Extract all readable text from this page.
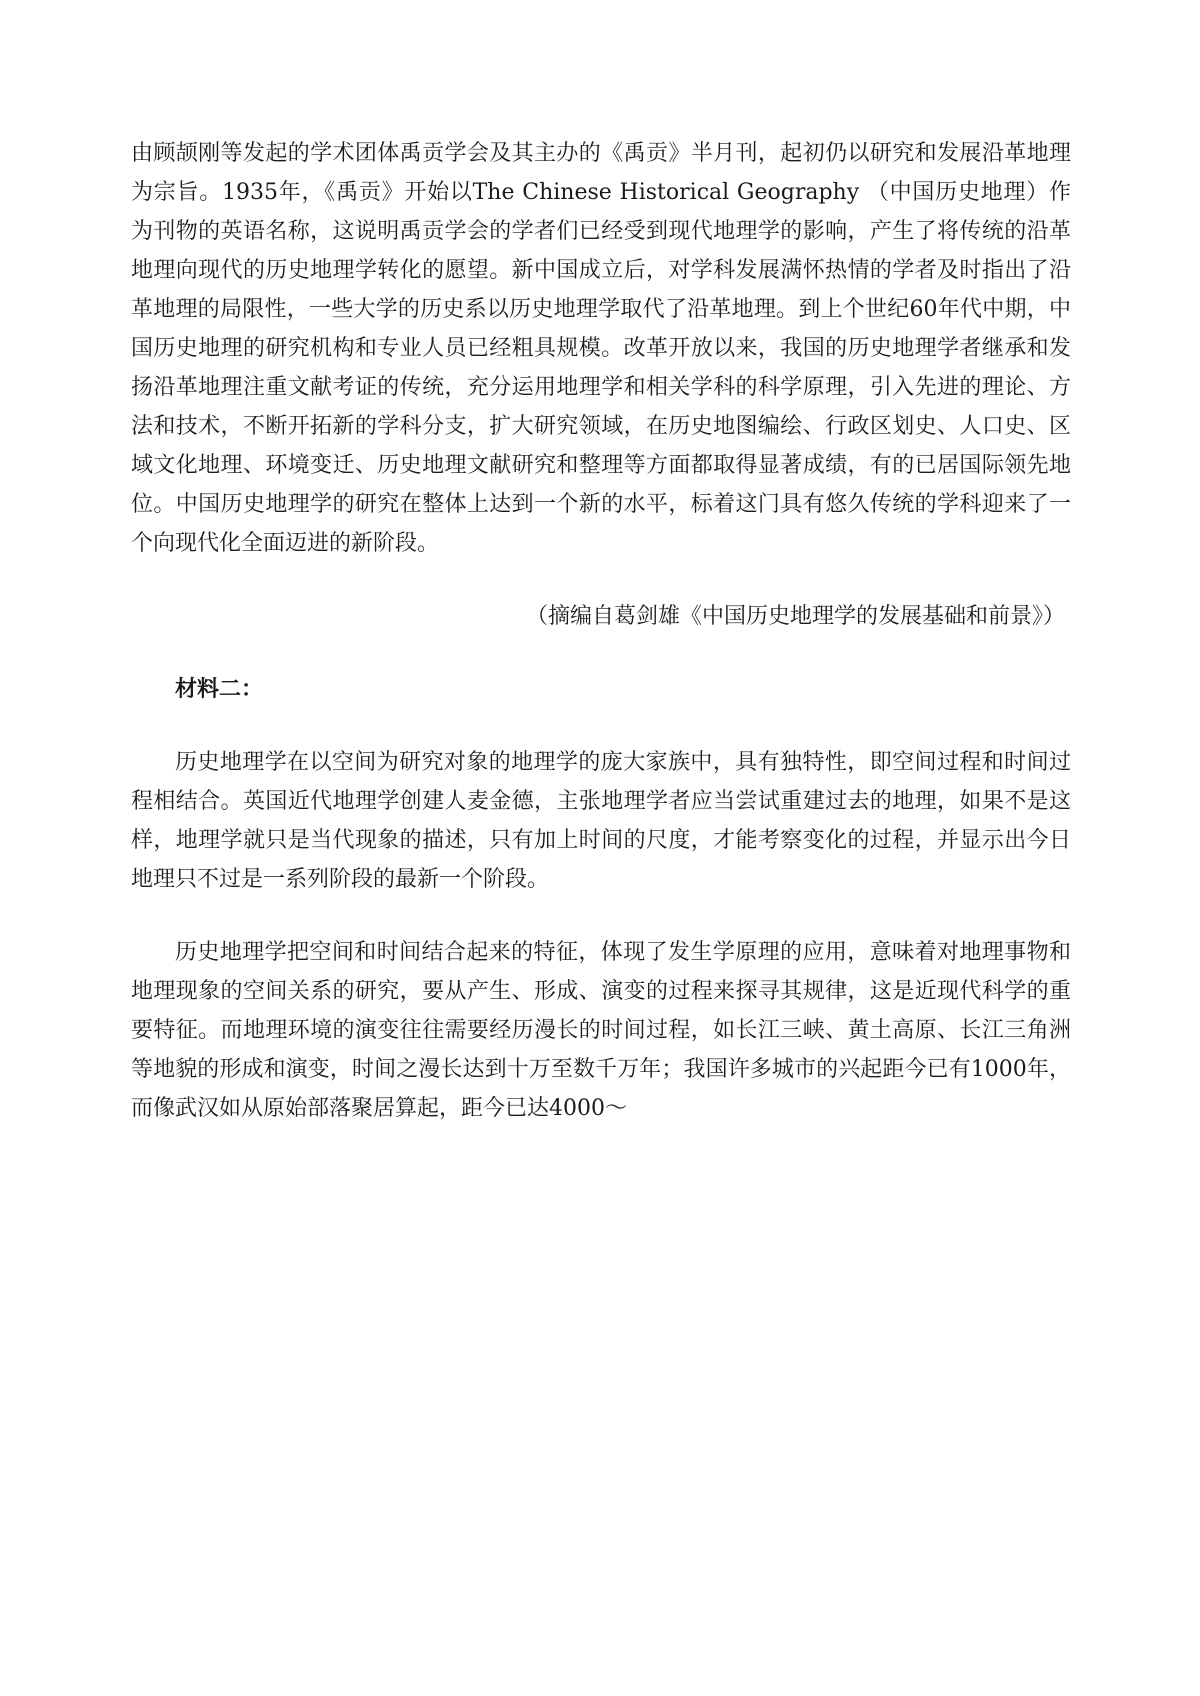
由顾颉刚等发起的学术团体禹贡学会及其主办的《禹贡》半月刊，起初仍以研究和发展沿革地理为宗旨。1935年，《禹贡》开始以The Chinese Historical Geography （中国历史地理）作为刊物的英语名称，这说明禹贡学会的学者们已经受到现代地理学的影响，产生了将传统的沿革地理向现代的历史地理学转化的愿望。新中国成立后，对学科发展满怀热情的学者及时指出了沿革地理的局限性，一些大学的历史系以历史地理学取代了沿革地理。到上个世纪60年代中期，中国历史地理的研究机构和专业人员已经粗具规模。改革开放以来，我国的历史地理学者继承和发扬沿革地理注重文献考证的传统，充分运用地理学和相关学科的科学原理，引入先进的理论、方法和技术，不断开拓新的学科分支，扩大研究领域，在历史地图编绘、行政区划史、人口史、区域文化地理、环境变迁、历史地理文献研究和整理等方面都取得显著成绩，有的已居国际领先地位。中国历史地理学的研究在整体上达到一个新的水平，标着这门具有悠久传统的学科迎来了一个向现代化全面迈进的新阶段。

（摘编自葛剑雄《中国历史地理学的发展基础和前景》）
材料二：

历史地理学在以空间为研究对象的地理学的庞大家族中，具有独特性，即空间过程和时间过程相结合。英国近代地理学创建人麦金德，主张地理学者应当尝试重建过去的地理，如果不是这样，地理学就只是当代现象的描述，只有加上时间的尺度，才能考察变化的过程，并显示出今日地理只不过是一系列阶段的最新一个阶段。

历史地理学把空间和时间结合起来的特征，体现了发生学原理的应用，意味着对地理事物和地理现象的空间关系的研究，要从产生、形成、演变的过程来探寻其规律，这是近现代科学的重要特征。而地理环境的演变往往需要经历漫长的时间过程，如长江三峡、黄土高原、长江三角洲等地貌的形成和演变，时间之漫长达到十万至数千万年；我国许多城市的兴起距今已有1000年，而像武汉如从原始部落聚居算起，距今已达4000～
